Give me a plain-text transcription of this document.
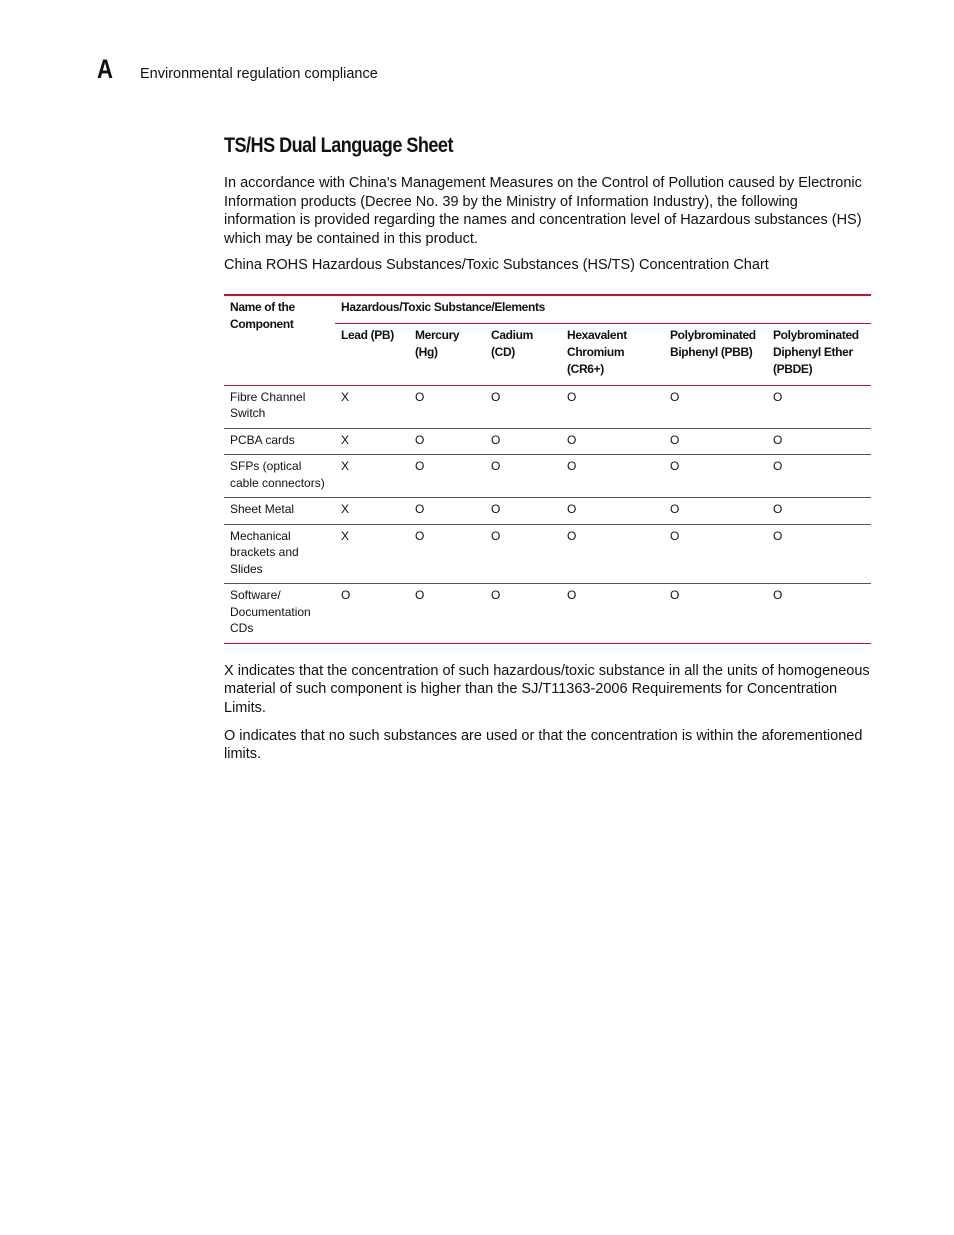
A Environmental regulation compliance
TS/HS Dual Language Sheet

In accordance with China's Management Measures on the Control of Pollution caused by Electronic Information products (Decree No. 39 by the Ministry of Information Industry), the following information is provided regarding the names and concentration level of Hazardous substances (HS) which may be contained in this product.

China ROHS Hazardous Substances/Toxic Substances (HS/TS) Concentration Chart

Name of the Component	Hazardous/Toxic Substance/Elements					
	Lead (PB)	Mercury (Hg)	Cadium (CD)	Hexavalent Chromium (CR6+)	Polybrominated Biphenyl (PBB)	Polybrominated Diphenyl Ether (PBDE)
Fibre Channel Switch	X	O	O	O	O	O
PCBA cards	X	O	O	O	O	O
SFPs (optical cable connectors)	X	O	O	O	O	O
Sheet Metal	X	O	O	O	O	O
Mechanical brackets and Slides	X	O	O	O	O	O
Software/ Documentation CDs	O	O	O	O	O	O

X indicates that the concentration of such hazardous/toxic substance in all the units of homogeneous material of such component is higher than the SJ/T11363-2006 Requirements for Concentration Limits.

O indicates that no such substances are used or that the concentration is within the aforementioned limits.
